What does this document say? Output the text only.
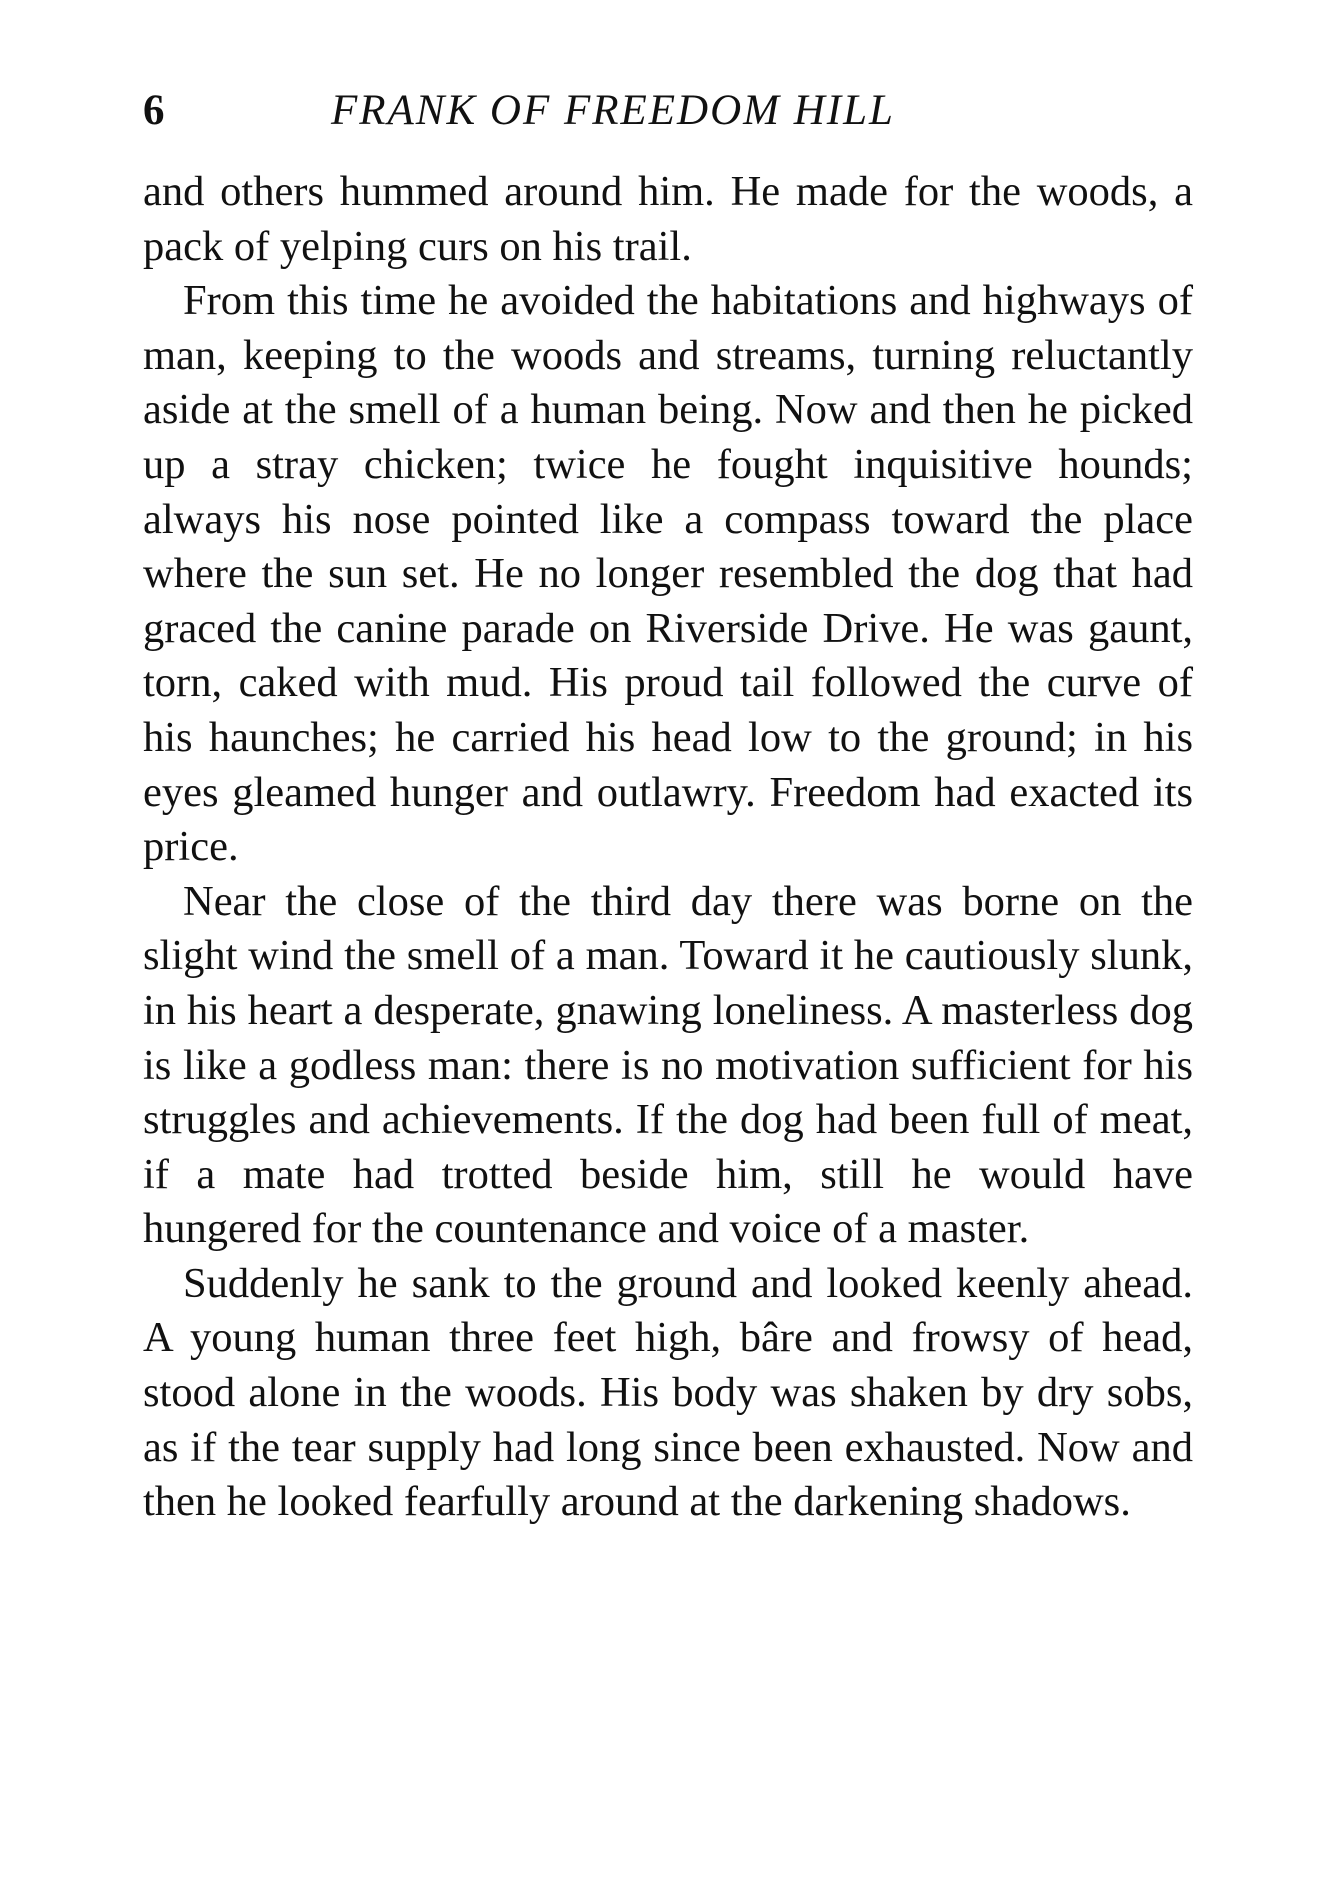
6	FRANK OF FREEDOM HILL

and others hummed around him. He made for the woods, a pack of yelping curs on his trail.

From this time he avoided the habitations and highways of man, keeping to the woods and streams, turning reluctantly aside at the smell of a human being. Now and then he picked up a stray chicken; twice he fought inquisitive hounds; always his nose pointed like a compass toward the place where the sun set. He no longer resembled the dog that had graced the canine parade on Riverside Drive. He was gaunt, torn, caked with mud. His proud tail followed the curve of his haunches; he carried his head low to the ground; in his eyes gleamed hunger and outlawry. Freedom had exacted its price.

Near the close of the third day there was borne on the slight wind the smell of a man. Toward it he cautiously slunk, in his heart a desperate, gnawing loneliness. A masterless dog is like a godless man: there is no motivation sufficient for his struggles and achievements. If the dog had been full of meat, if a mate had trotted beside him, still he would have hungered for the countenance and voice of a master.

Suddenly he sank to the ground and looked keenly ahead. A young human three feet high, bâre and frowsy of head, stood alone in the woods. His body was shaken by dry sobs, as if the tear supply had long since been exhausted. Now and then he looked fearfully around at the darkening shadows.
